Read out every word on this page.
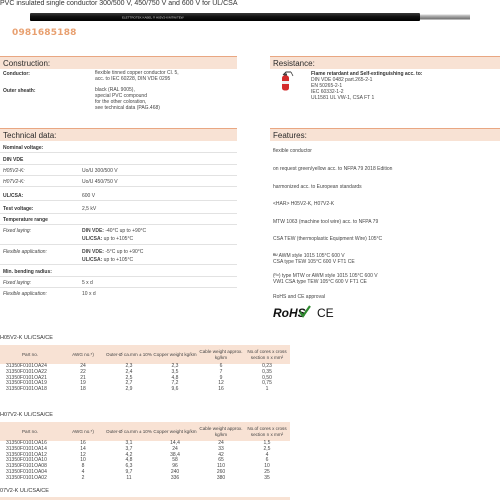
PVC insulated single conductor 300/500 V, 450/750 V and 600 V for UL/CSA
ELETTROTEK KABEL ® H05V2-K/MTW/TEW
0981685188
Construction:
Conductor:	flexible tinned copper conductor Cl. 5,
acc. to IEC 60228, DIN VDE 0295
Outer sheath:	black (RAL 9005),
special PVC compound
for the other coloration,
see technical data (PAG.468)
Resistance:
Flame retardant and Self-extinguishing acc. to:
DIN VDE 0482 part.265-2-1
EN 50265-2-1
IEC 60332-1-2
UL1581 UL VW-1, CSA FT 1
Technical data:
Nominal voltage:
DIN VDE
H05V2-K:	Uo/U 300/500 V
H07V2-K:	Uo/U 450/750 V
UL/CSA:	600 V
Test voltage:	2,5 kV
Temperature range
Fixed laying:	DIN VDE: -40°C up to +90°C
UL/CSA: up to +105°C
Flexible application:	DIN VDE: -5°C up to +90°C
UL/CSA: up to +105°C
Min. bending radius:
Fixed laying:	5 x d
Flexible application:	10 x d
Features:
flexible conductor
on request green/yellow acc. to NFPA 79 2018 Edition
harmonized acc. to European standards
<HAR> H05V2-K, H07V2-K
MTW 1063 (machine tool wire) acc. to NFPA 79
CSA TEW (thermoplastic Equipment Wire) 105°C
ᴿᵁ AWM style 1015 105°C 600 V
CSA type TEW 105°C 600 V FT1 CE
(ᴿᵘ) type MTW or AWM style 1015 105°C 600 V
VW1 CSA type TEW 105°C 600 V FT1 CE
RoHS and CE approval
RoHS CE
H05V2-K UL/CSA/CE
Part no.	AWG no.*)	Outer-Ø ca.mm ± 10%	Copper weight kg/km	Cable weight approx. kg/km	No.of cores x cross section n x mm²
31350F0101OA24	24	2,3	2,3	6	0,23
31350F0101OA22	22	2,4	3,5	7	0,35
31350F0101OA21	21	2,5	4,8	9	0,50
31350F0101OA19	19	2,7	7,2	12	0,75
31350F0101OA18	18	2,9	9,6	16	1
H07V2-K UL/CSA/CE
Part no.	AWG no.*)	Outer-Ø ca.mm ± 10%	Copper weight kg/km	Cable weight approx. kg/km	No.of cores x cross section n x mm²
31350F0101OA16	16	3,1	14,4	24	1,5
31350F0101OA14	14	3,7	24	33	2,5
31350F0101OA12	12	4,2	38,4	42	4
31350F0101OA10	10	4,8	58	65	6
31350F0101OA08	8	6,3	96	110	10
31350F0101OA04	4	9,7	240	260	25
31350F0101OA02	2	11	336	380	35
07V2-K UL/CSA/CE
